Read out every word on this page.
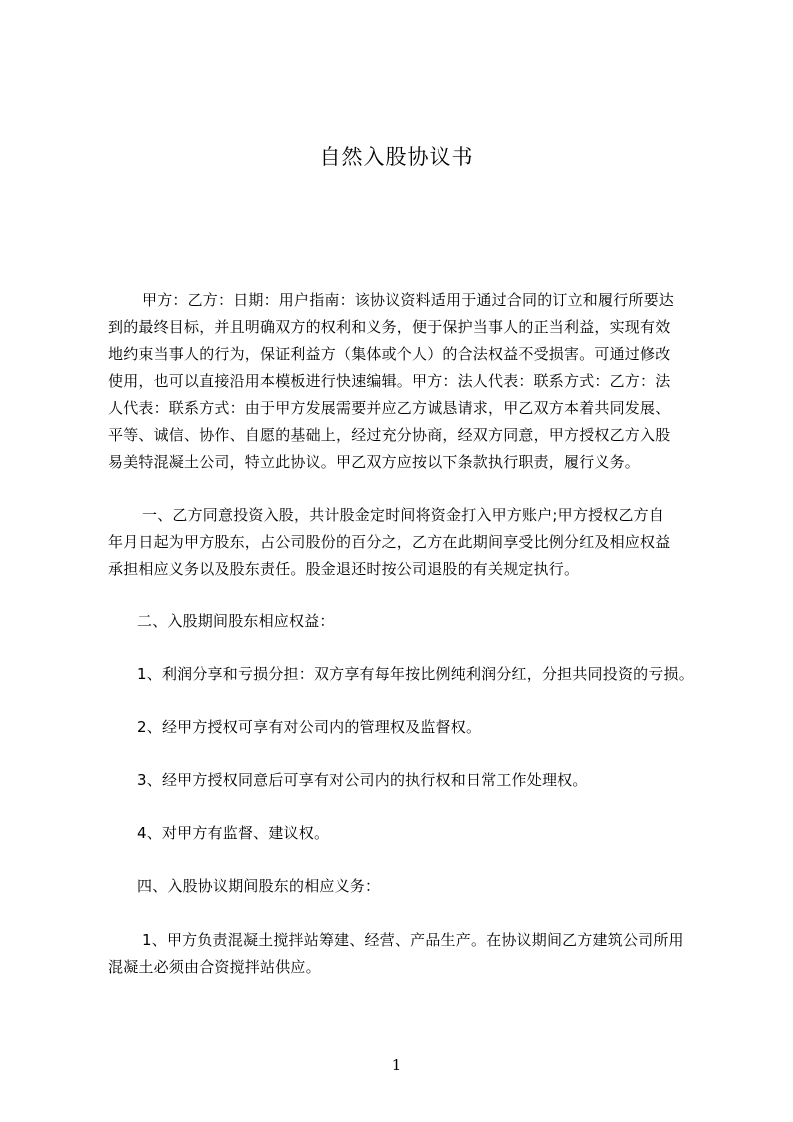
自然入股协议书
甲方：乙方：日期：用户指南：该协议资料适用于通过合同的订立和履行所要达
到的最终目标，并且明确双方的权利和义务，便于保护当事人的正当利益，实现有效
地约束当事人的行为，保证利益方（集体或个人）的合法权益不受损害。可通过修改
使用，也可以直接沿用本模板进行快速编辑。甲方：法人代表：联系方式：乙方：法
人代表：联系方式：由于甲方发展需要并应乙方诚恳请求，甲乙双方本着共同发展、
平等、诚信、协作、自愿的基础上，经过充分协商，经双方同意，甲方授权乙方入股
易美特混凝土公司，特立此协议。甲乙双方应按以下条款执行职责，履行义务。
一、乙方同意投资入股，共计股金定时间将资金打入甲方账户;甲方授权乙方自
年月日起为甲方股东，占公司股份的百分之，乙方在此期间享受比例分红及相应权益
承担相应义务以及股东责任。股金退还时按公司退股的有关规定执行。
二、入股期间股东相应权益：
1、利润分享和亏损分担：双方享有每年按比例纯利润分红，分担共同投资的亏损。
2、经甲方授权可享有对公司内的管理权及监督权。
3、经甲方授权同意后可享有对公司内的执行权和日常工作处理权。
4、对甲方有监督、建议权。
四、入股协议期间股东的相应义务：
1、甲方负责混凝土搅拌站筹建、经营、产品生产。在协议期间乙方建筑公司所用
混凝土必须由合资搅拌站供应。
1
